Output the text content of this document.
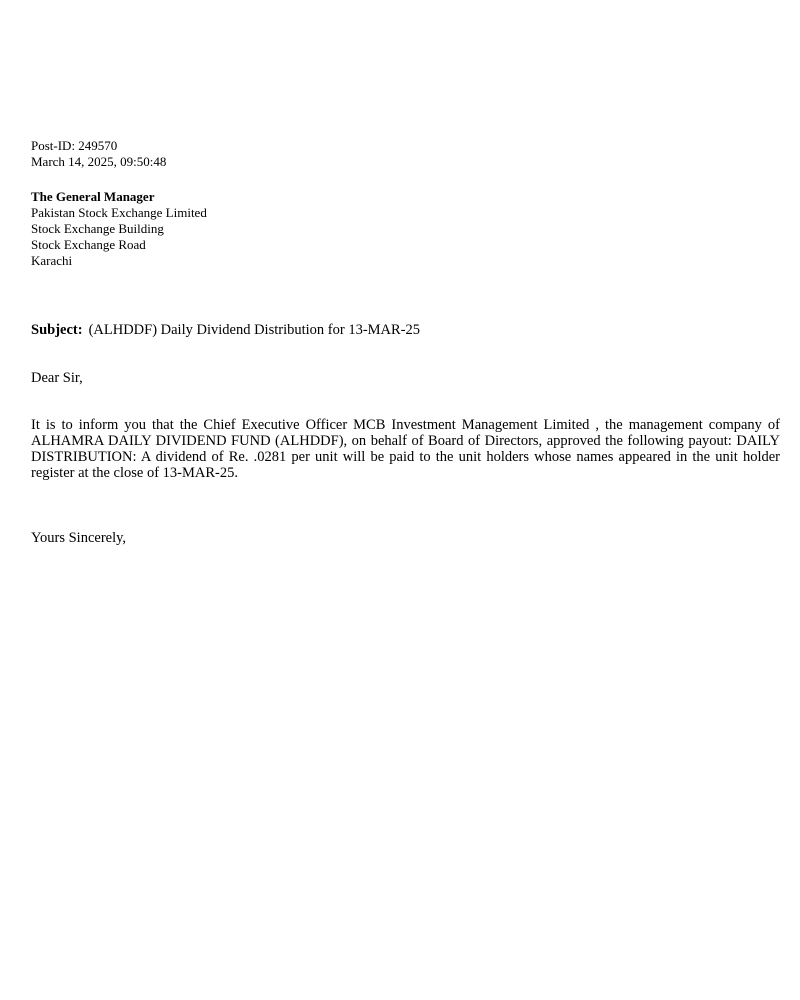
Post-ID: 249570
March 14, 2025, 09:50:48
The General Manager
Pakistan Stock Exchange Limited
Stock Exchange Building
Stock Exchange Road
Karachi
Subject: (ALHDDF) Daily Dividend Distribution for 13-MAR-25
Dear Sir,
It is to inform you that the Chief Executive Officer MCB Investment Management Limited , the management company of ALHAMRA DAILY DIVIDEND FUND (ALHDDF), on behalf of Board of Directors, approved the following payout: DAILY DISTRIBUTION: A dividend of Re. .0281 per unit will be paid to the unit holders whose names appeared in the unit holder register at the close of 13-MAR-25.
Yours Sincerely,
